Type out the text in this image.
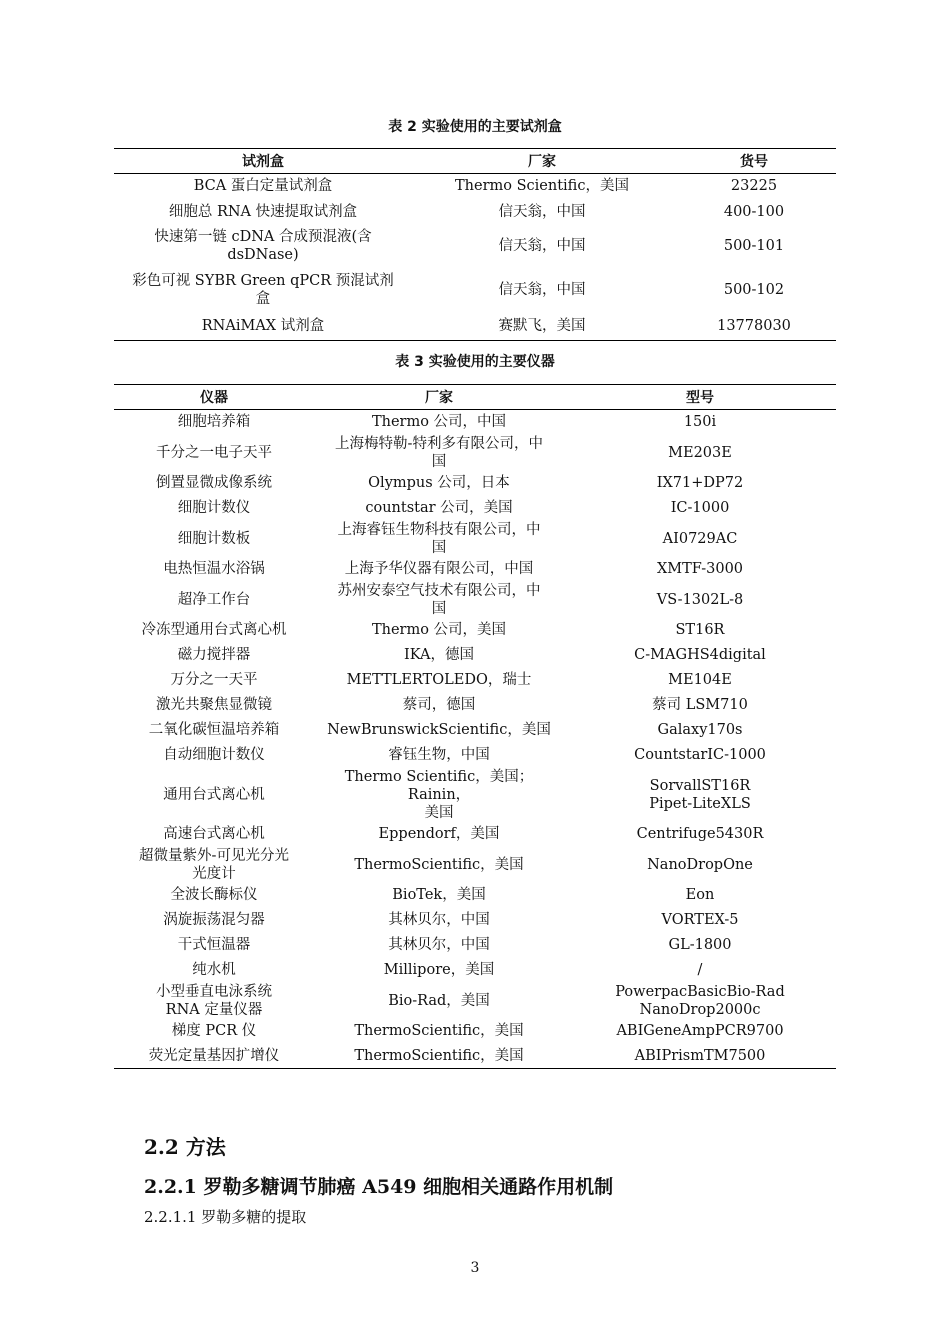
表 2 实验使用的主要试剂盒
试剂盒	厂家	货号
BCA 蛋白定量试剂盒	Thermo Scientific，美国	23225
细胞总 RNA 快速提取试剂盒	信天翁，中国	400-100

快速第一链 cDNA 合成预混液(含
dsDNase)	信天翁，中国	500-101

彩色可视 SYBR Green qPCR 预混试剂
盒	信天翁，中国	500-102
RNAiMAX 试剂盒	赛默飞，美国	13778030
表 3 实验使用的主要仪器
仪器	厂家	型号
细胞培养箱	Thermo 公司，中国	150i
千分之一电子天平	上海梅特勒-特利多有限公司，中
国	ME203E
倒置显微成像系统	Olympus 公司，日本	IX71+DP72
细胞计数仪	countstar 公司，美国	IC-1000
细胞计数板	上海睿钰生物科技有限公司，中
国	AI0729AC
电热恒温水浴锅	上海予华仪器有限公司，中国	XMTF-3000
超净工作台	苏州安泰空气技术有限公司，中
国	VS-1302L-8
冷冻型通用台式离心机	Thermo 公司，美国	ST16R
磁力搅拌器	IKA，德国	C-MAGHS4digital
万分之一天平	METTLERTOLEDO，瑞士	ME104E
激光共聚焦显微镜	蔡司，德国	蔡司 LSM710
二氧化碳恒温培养箱	NewBrunswickScientific，美国	Galaxy170s
自动细胞计数仪	睿钰生物，中国	CountstarIC-1000
通用台式离心机	Thermo Scientific，美国；Rainin，
美国	SorvallST16R
Pipet-LiteXLS

高速台式离心机	Eppendorf，美国	Centrifuge5430R

超微量紫外-可见光分光
光度计	ThermoScientific，美国	NanoDropOne
全波长酶标仪	BioTek，美国	Eon
涡旋振荡混匀器	其林贝尔，中国	VORTEX-5
干式恒温器	其林贝尔，中国	GL-1800
纯水机	Millipore，美国	/

小型垂直电泳系统
RNA 定量仪器	Bio-Rad，美国	PowerpacBasicBio-Rad
NanoDrop2000c

梯度 PCR 仪	ThermoScientific，美国	ABIGeneAmpPCR9700
荧光定量基因扩增仪	ThermoScientific，美国	ABIPrismTM7500
2.2 方法
2.2.1 罗勒多糖调节肺癌 A549 细胞相关通路作用机制
2.2.1.1 罗勒多糖的提取
3
